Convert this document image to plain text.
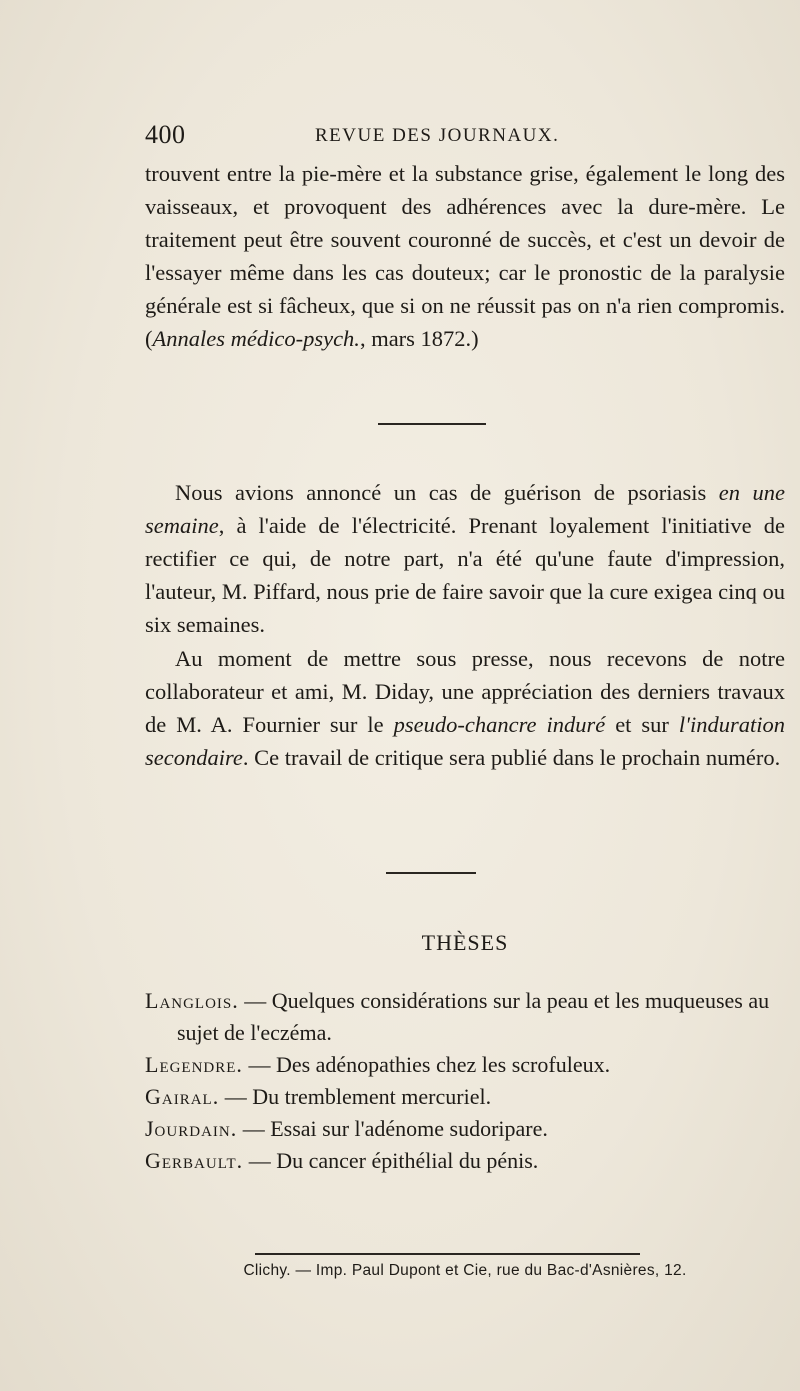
400	REVUE DES JOURNAUX.

trouvent entre la pie-mère et la substance grise, également le long des vaisseaux, et provoquent des adhérences avec la dure-mère. Le traitement peut être souvent couronné de succès, et c'est un devoir de l'essayer même dans les cas douteux; car le pronostic de la paralysie générale est si fâcheux, que si on ne réussit pas on n'a rien compromis. (Annales médico-psych., mars 1872.)

Nous avions annoncé un cas de guérison de psoriasis en une semaine, à l'aide de l'électricité. Prenant loyalement l'initiative de rectifier ce qui, de notre part, n'a été qu'une faute d'impression, l'auteur, M. Piffard, nous prie de faire savoir que la cure exigea cinq ou six semaines.

Au moment de mettre sous presse, nous recevons de notre collaborateur et ami, M. Diday, une appréciation des derniers travaux de M. A. Fournier sur le pseudo-chancre induré et sur l'induration secondaire. Ce travail de critique sera publié dans le prochain numéro.

THÈSES
Langlois. — Quelques considérations sur la peau et les muqueuses au sujet de l'eczéma.
Legendre. — Des adénopathies chez les scrofuleux.
Gairal. — Du tremblement mercuriel.
Jourdain. — Essai sur l'adénome sudoripare.
Gerbault. — Du cancer épithélial du pénis.
Clichy. — Imp. Paul Dupont et Cie, rue du Bac-d'Asnières, 12.
